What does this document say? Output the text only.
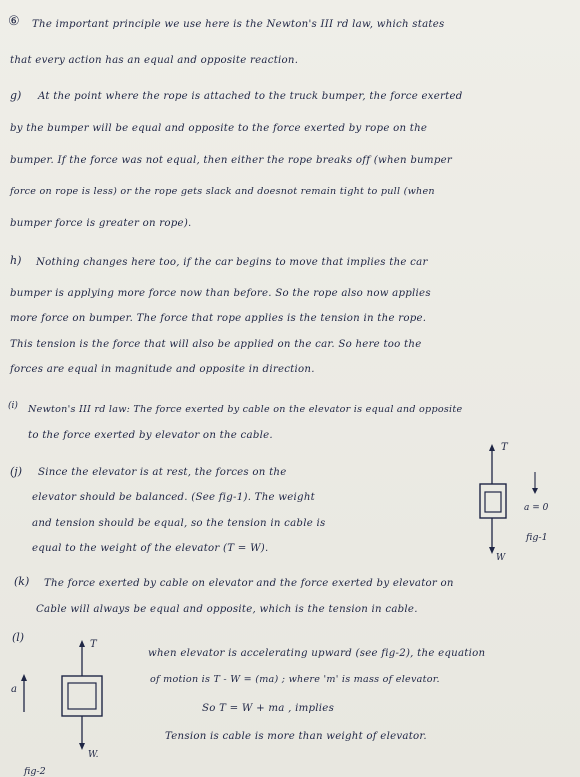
⑥ The important principle we use here is the Newton's III rd law, which states
that every action has an equal and opposite reaction.
g) At the point where the rope is attached to the truck bumper, the force exerted
by the bumper will be equal and opposite to the force exerted by rope on the
bumper. If the force was not equal, then either the rope breaks off (when bumper
force on rope is less) or the rope gets slack and doesnot remain tight to pull (when
bumper force is greater on rope).
h) Nothing changes here too, if the car begins to move that implies the car
bumper is applying more force now than before. So the rope also now applies
more force on bumper. The force that rope applies is the tension in the rope.
This tension is the force that will also be applied on the car. So here too the
forces are equal in magnitude and opposite in direction.
(i) Newton's III rd law: The force exerted by cable on the elevator is equal and opposite
to the force exerted by elevator on the cable.
(j) Since the elevator is at rest, the forces on the
elevator should be balanced. (See fig-1). The weight
and tension should be equal, so the tension in cable is
equal to the weight of the elevator (T = W).
T
W
a = 0
fig-1
(k) The force exerted by cable on elevator and the force exerted by elevator on
Cable will always be equal and opposite, which is the tension in cable.
(l)
when elevator is accelerating upward (see fig-2), the equation
of motion is T - W = (ma) ; where 'm' is mass of elevator.
So T = W + ma , implies
Tension is cable is more than weight of elevator.
T
W.
a
fig-2
